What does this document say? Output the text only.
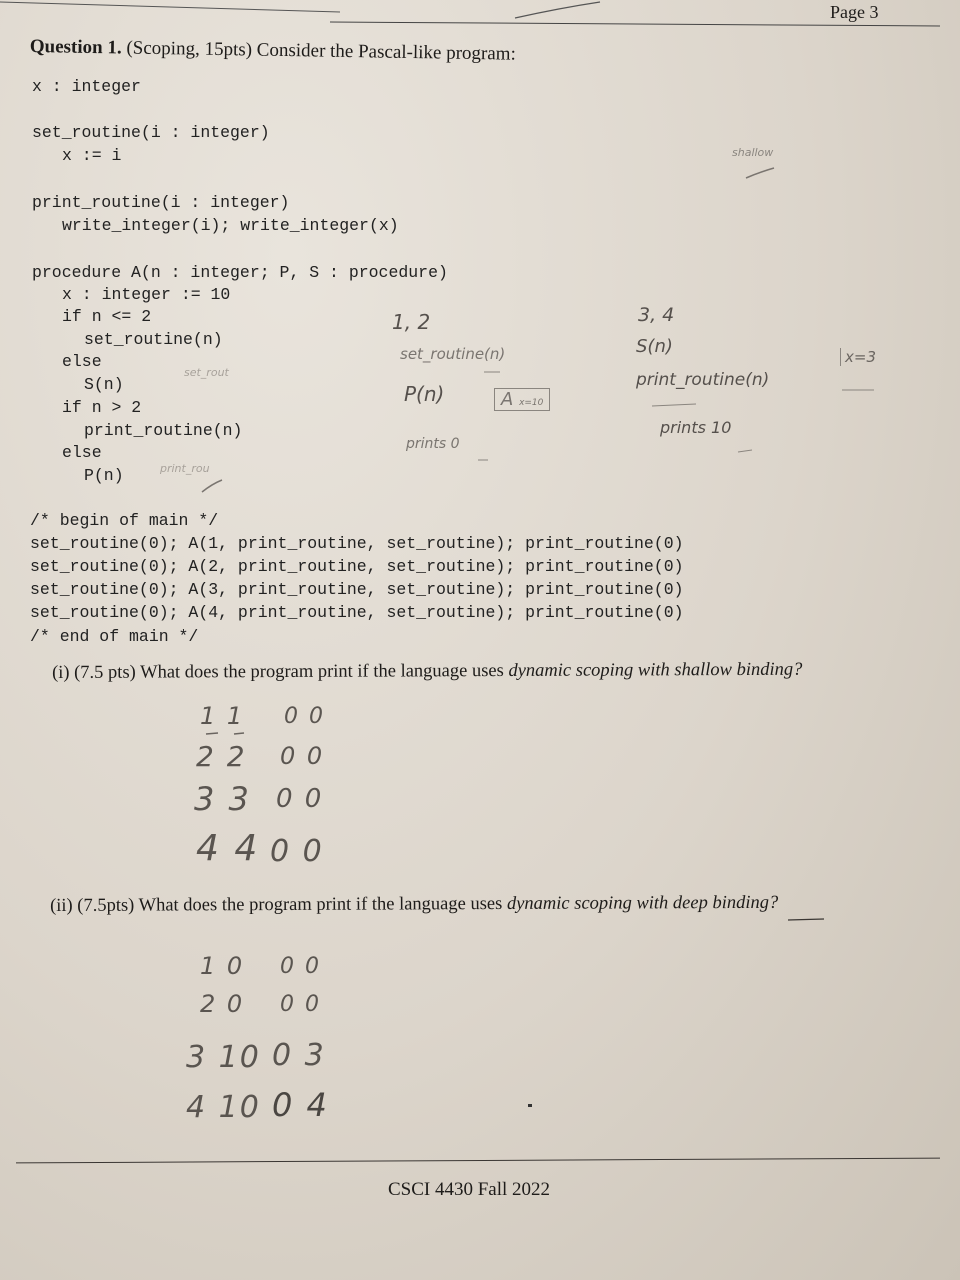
Page 3
Question 1. (Scoping, 15pts) Consider the Pascal-like program:
x : integer
set_routine(i : integer)
x := i
print_routine(i : integer)
write_integer(i); write_integer(x)
procedure A(n : integer; P, S : procedure)
x : integer := 10
if n <= 2
set_routine(n)
else
S(n)
if n > 2
print_routine(n)
else
P(n)
/* begin of main */
set_routine(0); A(1, print_routine, set_routine); print_routine(0)
set_routine(0); A(2, print_routine, set_routine); print_routine(0)
set_routine(0); A(3, print_routine, set_routine); print_routine(0)
set_routine(0); A(4, print_routine, set_routine); print_routine(0)
/* end of main */
1, 2
set_routine(n)
P(n)	A x=10
prints 0
3, 4
S(n)
print_routine(n)
prints 10
x=3
set_rout
print_rou
shallow
(i) (7.5 pts) What does the program print if the language uses dynamic scoping with shallow binding?
1 1 0 0
2 2 0 0
3 3 0 0
4 4 0 0
(ii) (7.5pts) What does the program print if the language uses dynamic scoping with deep binding?
1 0 0 0
2 0 0 0
3 10 0 3
4 10 0 4
CSCI 4430 Fall 2022
